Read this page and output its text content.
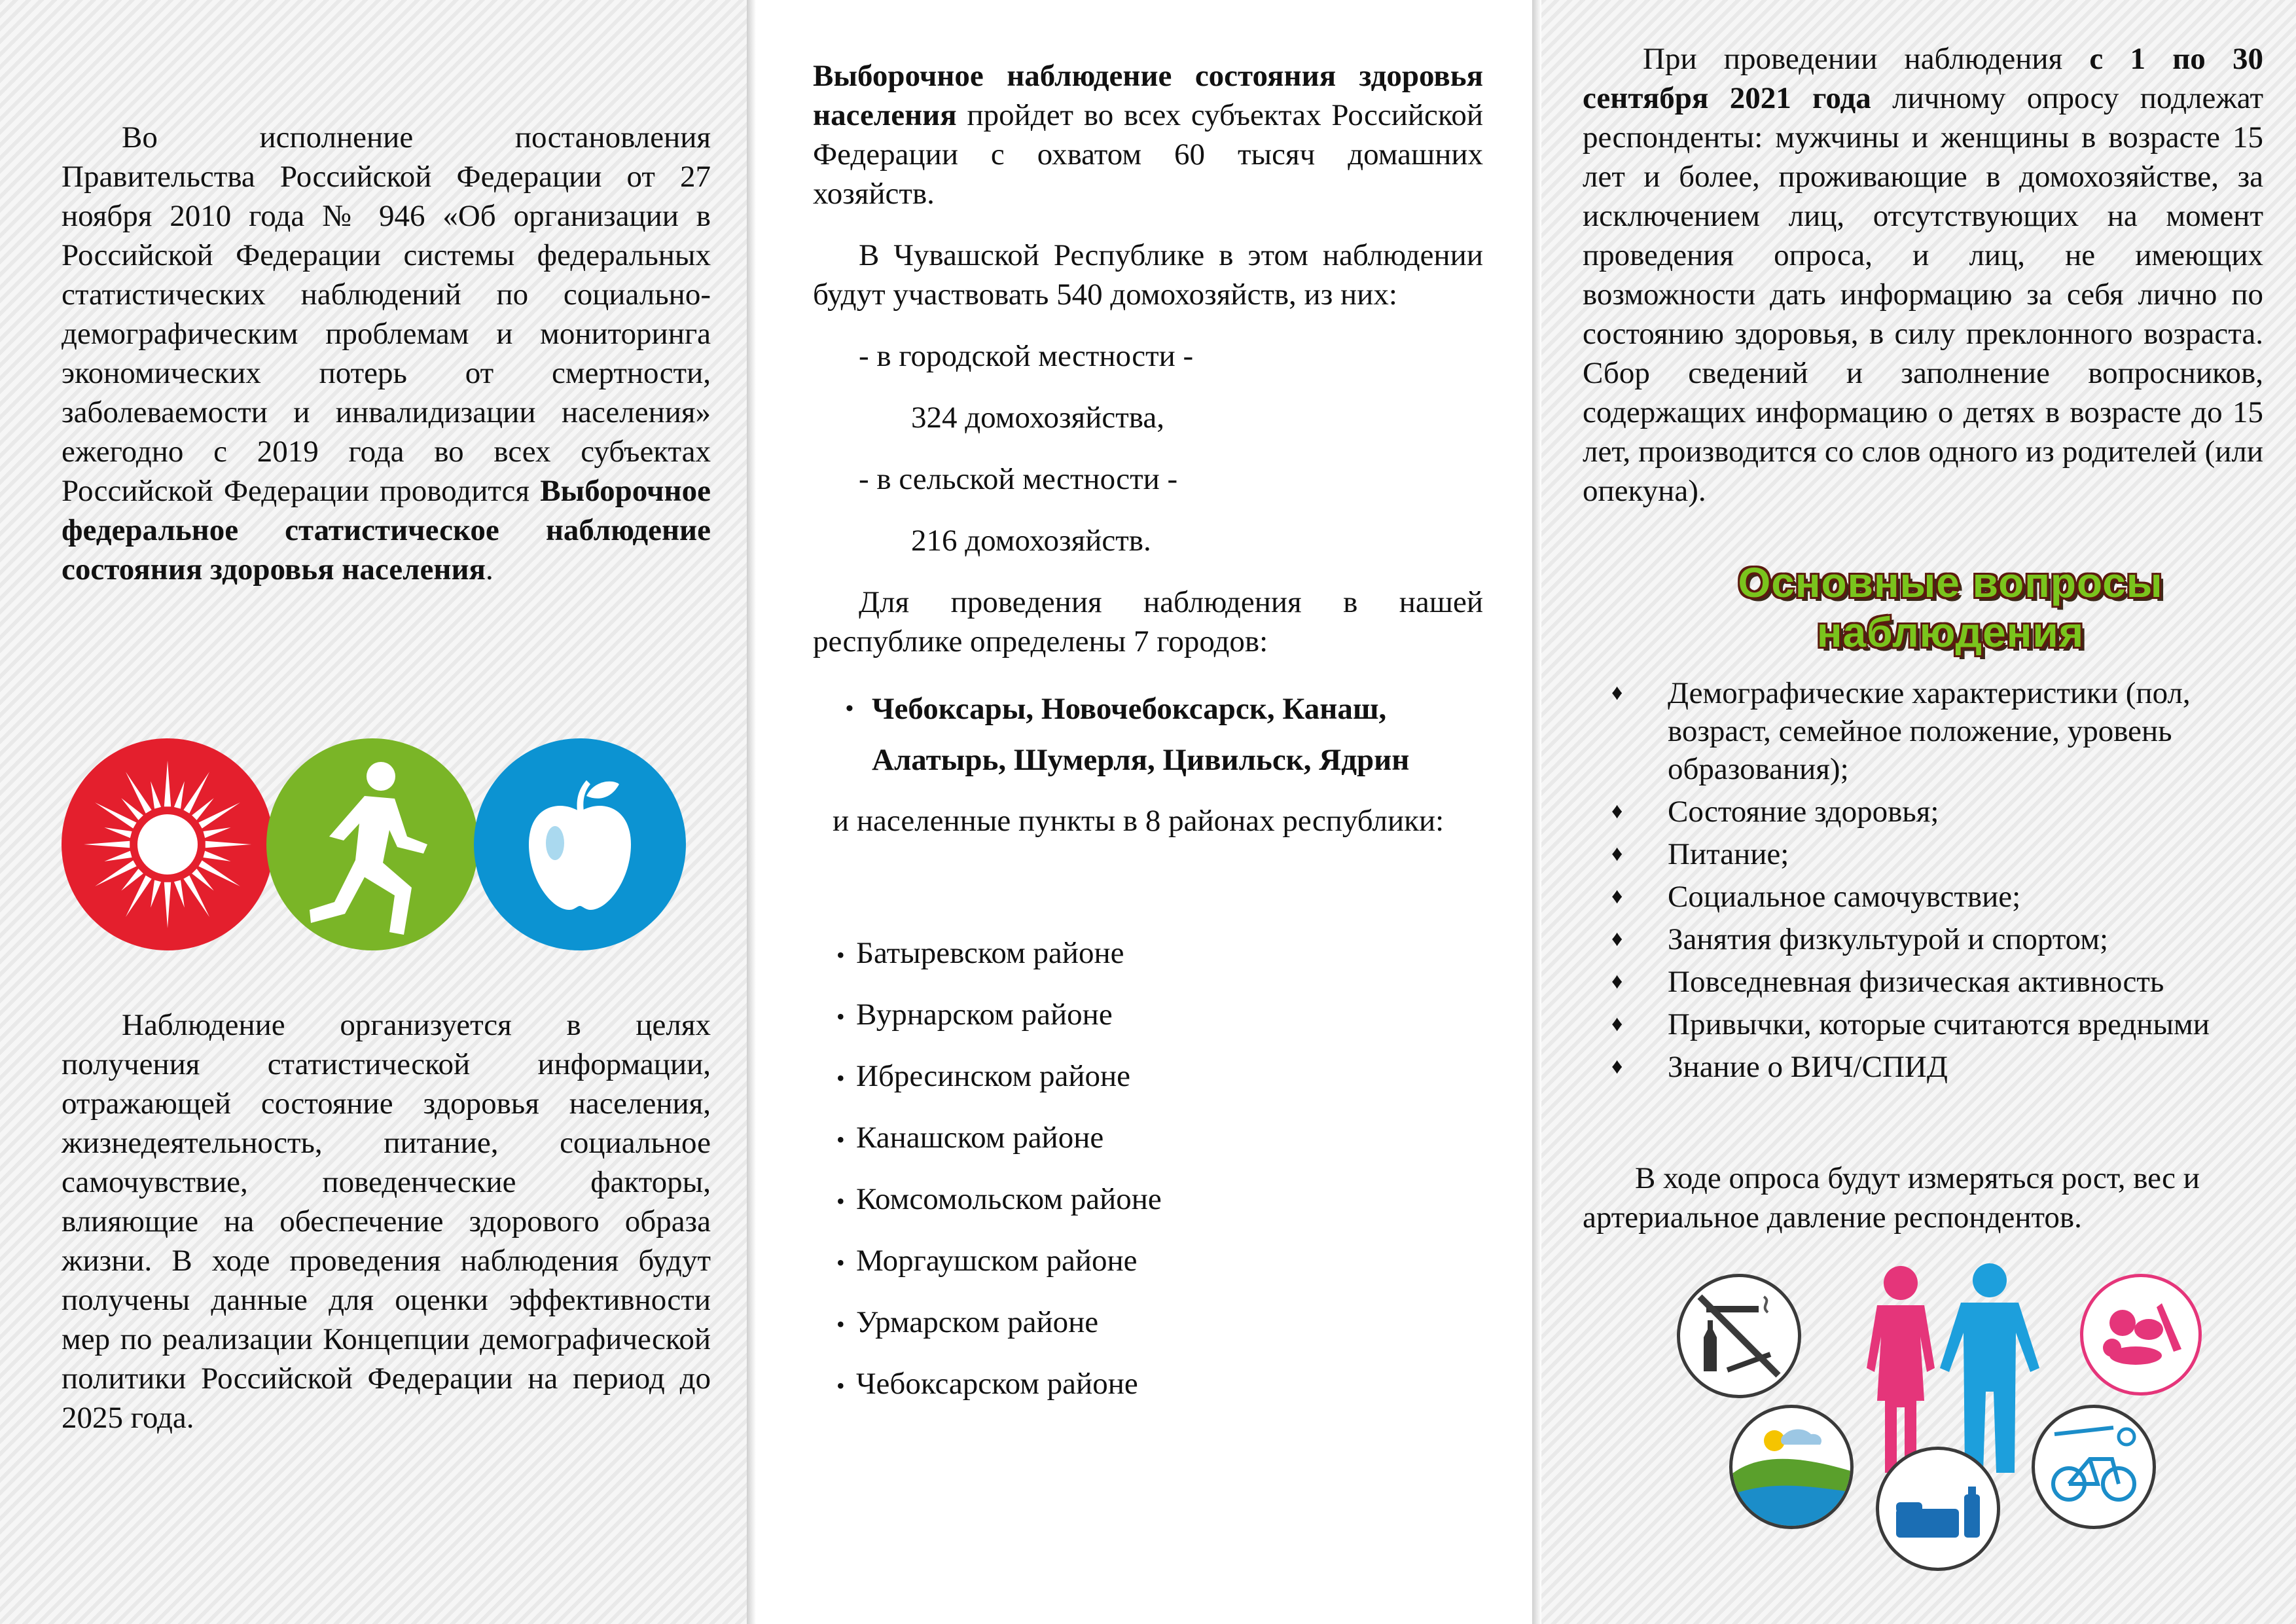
Во исполнение постановления Правительства Российской Федерации от 27 ноября 2010 года № 946 «Об организации в Российской Федерации системы федеральных статистических наблюдений по социально-демографическим проблемам и мониторинга экономических потерь от смертности, заболеваемости и инвалидизации населения» ежегодно с 2019 года во всех субъектах Российской Федерации проводится Выборочное федеральное статистическое наблюдение состояния здоровья населения.
Наблюдение организуется в целях получения статистической информации, отражающей состояние здоровья населения, жизнедеятельность, питание, социальное самочувствие, поведенческие факторы, влияющие на обеспечение здорового образа жизни. В ходе проведения наблюдения будут получены данные для оценки эффективности мер по реализации Концепции демографической политики Российской Федерации на период до 2025 года.

Выборочное наблюдение состояния здоровья населения пройдет во всех субъектах Российской Федерации с охватом 60 тысяч домашних хозяйств.

В Чувашской Республике в этом наблюдении будут участвовать 540 домохозяйств, из них:

- в городской местности -

324 домохозяйства,

- в сельской местности -

216 домохозяйств.

Для проведения наблюдения в нашей республике определены 7 городов:

• Чебоксары, Новочебоксарск, Канаш, Алатырь, Шумерля, Цивильск, Ядрин

и населенные пункты в 8 районах республики:

• Батыревском районе
• Вурнарском районе
• Ибресинском районе
• Канашском районе
• Комсомольском районе
• Моргаушском районе
• Урмарском районе
• Чебоксарском районе
При проведении наблюдения с 1 по 30 сентября 2021 года личному опросу подлежат респонденты: мужчины и женщины в возрасте 15 лет и более, проживающие в домохозяйстве, за исключением лиц, отсутствующих на момент проведения опроса, и лиц, не имеющих возможности дать информацию за себя лично по состоянию здоровья, в силу преклонного возраста. Сбор сведений и заполнение вопросников, содержащих информацию о детях в возрасте до 15 лет, производится со слов одного из родителей (или опекуна).
Основные вопросы
наблюдения
♦ Демографические характеристики (пол, возраст, семейное положение, уровень образования);
♦ Состояние здоровья;
♦ Питание;
♦ Социальное самочувствие;
♦ Занятия физкультурой и спортом;
♦ Повседневная физическая активность
♦ Привычки, которые считаются вредными
♦ Знание о ВИЧ/СПИД
В ходе опроса будут измеряться рост, вес и артериальное давление респондентов.
